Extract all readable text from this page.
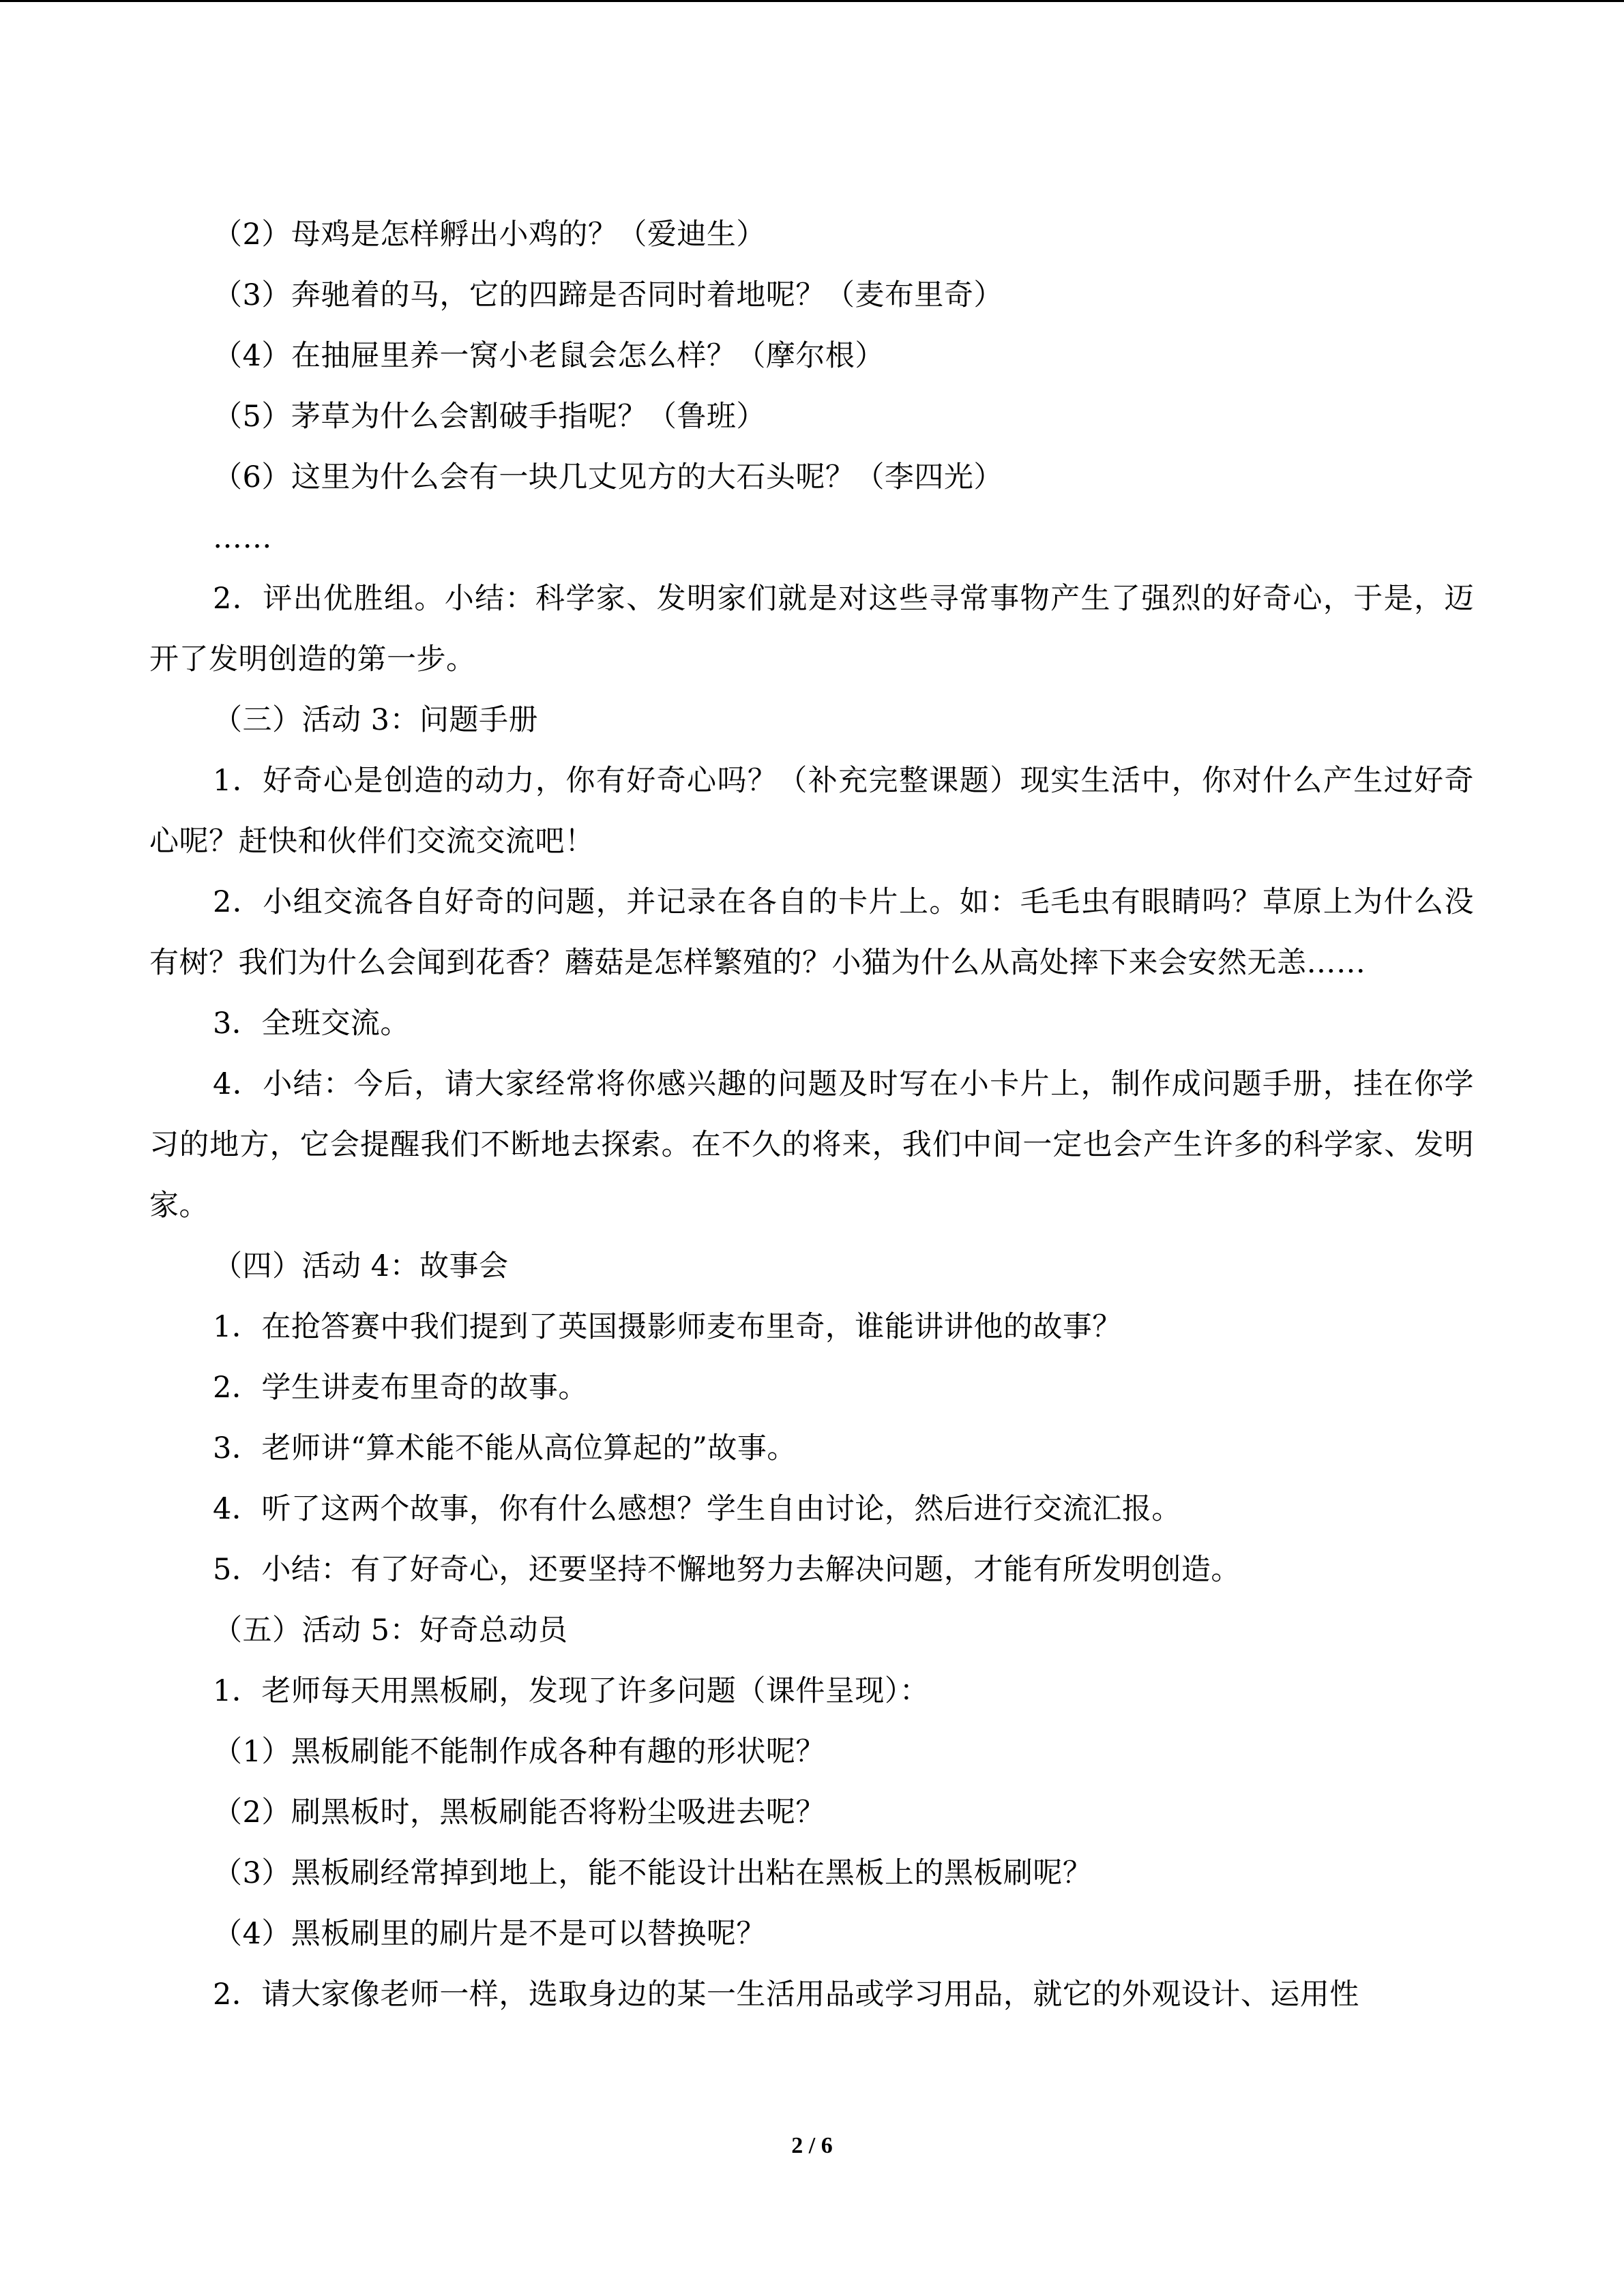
（2）母鸡是怎样孵出小鸡的？（爱迪生）

（3）奔驰着的马，它的四蹄是否同时着地呢？（麦布里奇）

（4）在抽屉里养一窝小老鼠会怎么样？（摩尔根）

（5）茅草为什么会割破手指呢？（鲁班）

（6）这里为什么会有一块几丈见方的大石头呢？（李四光）

……

2．评出优胜组。小结：科学家、发明家们就是对这些寻常事物产生了强烈的好奇心，于是，迈开了发明创造的第一步。

（三）活动 3：问题手册

1．好奇心是创造的动力，你有好奇心吗？（补充完整课题）现实生活中，你对什么产生过好奇心呢？赶快和伙伴们交流交流吧！

2．小组交流各自好奇的问题，并记录在各自的卡片上。如：毛毛虫有眼睛吗？草原上为什么没有树？我们为什么会闻到花香？蘑菇是怎样繁殖的？小猫为什么从高处摔下来会安然无恙……

3．全班交流。

4．小结：今后，请大家经常将你感兴趣的问题及时写在小卡片上，制作成问题手册，挂在你学习的地方，它会提醒我们不断地去探索。在不久的将来，我们中间一定也会产生许多的科学家、发明家。

（四）活动 4：故事会

1．在抢答赛中我们提到了英国摄影师麦布里奇，谁能讲讲他的故事？

2．学生讲麦布里奇的故事。

3．老师讲“算术能不能从高位算起的”故事。

4．听了这两个故事，你有什么感想？学生自由讨论，然后进行交流汇报。

5．小结：有了好奇心，还要坚持不懈地努力去解决问题，才能有所发明创造。

（五）活动 5：好奇总动员

1．老师每天用黑板刷，发现了许多问题（课件呈现）：

（1）黑板刷能不能制作成各种有趣的形状呢？

（2）刷黑板时，黑板刷能否将粉尘吸进去呢？

（3）黑板刷经常掉到地上，能不能设计出粘在黑板上的黑板刷呢？

（4）黑板刷里的刷片是不是可以替换呢？

2．请大家像老师一样，选取身边的某一生活用品或学习用品，就它的外观设计、运用性

2 / 6
